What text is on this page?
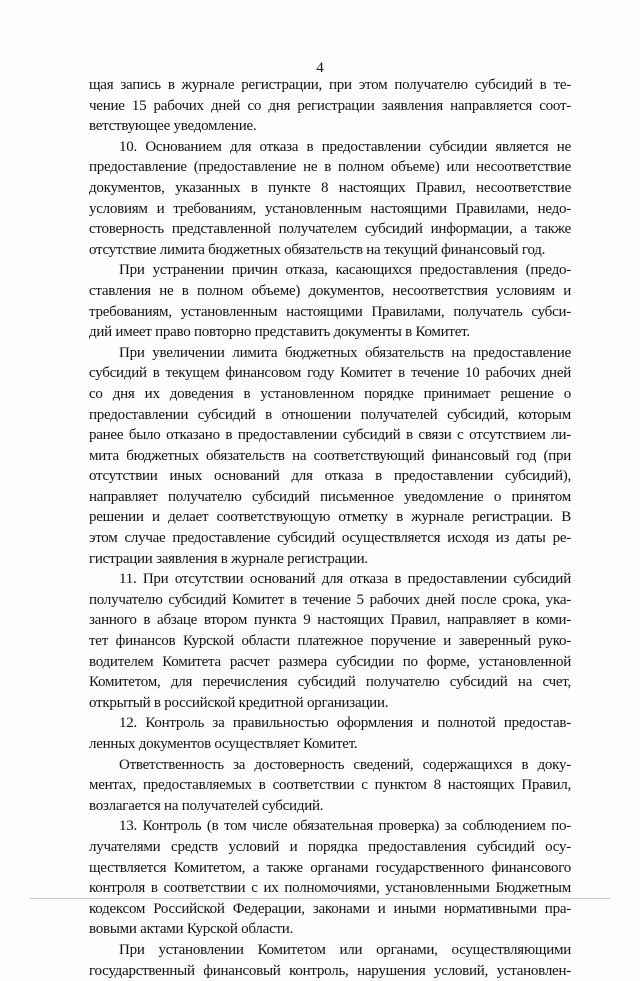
4
щая запись в журнале регистрации, при этом получателю субсидий в те-
чение 15 рабочих дней со дня регистрации заявления направляется соот-
ветствующее уведомление.
10. Основанием для отказа в предоставлении субсидии является не
предоставление (предоставление не в полном объеме) или несоответствие
документов, указанных в пункте 8 настоящих Правил, несоответствие
условиям и требованиям, установленным настоящими Правилами, недо-
стоверность представленной получателем субсидий информации, а также
отсутствие лимита бюджетных обязательств на текущий финансовый год.
При устранении причин отказа, касающихся предоставления (предо-
ставления не в полном объеме) документов, несоответствия условиям и
требованиям, установленным настоящими Правилами, получатель субси-
дий имеет право повторно представить документы в Комитет.
При увеличении лимита бюджетных обязательств на предоставление
субсидий в текущем финансовом году Комитет в течение 10 рабочих дней
со дня их доведения в установленном порядке принимает решение о
предоставлении субсидий в отношении получателей субсидий, которым
ранее было отказано в предоставлении субсидий в связи с отсутствием ли-
мита бюджетных обязательств на соответствующий финансовый год (при
отсутствии иных оснований для отказа в предоставлении субсидий),
направляет получателю субсидий письменное уведомление о принятом
решении и делает соответствующую отметку в журнале регистрации. В
этом случае предоставление субсидий осуществляется исходя из даты ре-
гистрации заявления в журнале регистрации.
11. При отсутствии оснований для отказа в предоставлении субсидий
получателю субсидий Комитет в течение 5 рабочих дней после срока, ука-
занного в абзаце втором пункта 9 настоящих Правил, направляет в коми-
тет финансов Курской области платежное поручение и заверенный руко-
водителем Комитета расчет размера субсидии по форме, установленной
Комитетом, для перечисления субсидий получателю субсидий на счет,
открытый в российской кредитной организации.
12. Контроль за правильностью оформления и полнотой предостав-
ленных документов осуществляет Комитет.
Ответственность за достоверность сведений, содержащихся в доку-
ментах, предоставляемых в соответствии с пунктом 8 настоящих Правил,
возлагается на получателей субсидий.
13. Контроль (в том числе обязательная проверка) за соблюдением по-
лучателями средств условий и порядка предоставления субсидий осу-
ществляется Комитетом, а также органами государственного финансового
контроля в соответствии с их полномочиями, установленными Бюджетным
кодексом Российской Федерации, законами и иными нормативными пра-
вовыми актами Курской области.
При установлении Комитетом или органами, осуществляющими
государственный финансовый контроль, нарушения условий, установлен-
